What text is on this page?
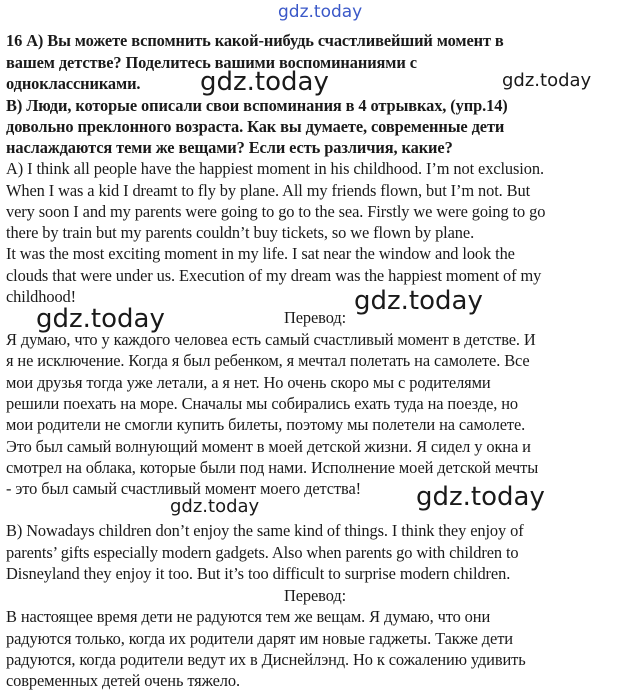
gdz.today
gdz.today	gdz.today
gdz.today
gdz.today
gdz.today
gdz.today
16 А) Вы можете вспомнить какой-нибудь счастливейший момент в
вашем детстве? Поделитесь вашими воспоминаниями с
одноклассниками.
В) Люди, которые описали свои вспоминания в 4 отрывках, (упр.14)
довольно преклонного возраста. Как вы думаете, современные дети
наслаждаются теми же вещами? Если есть различия, какие?
A) I think all people have the happiest moment in his childhood. I’m not exclusion.
When I was a kid I dreamt to fly by plane. All my friends flown, but I’m not. But
very soon I and my parents were going to go to the sea. Firstly we were going to go
there by train but my parents couldn’t buy tickets, so we flown by plane.
It was the most exciting moment in my life. I sat near the window and look the
clouds that were under us. Execution of my dream was the happiest moment of my
childhood!
Перевод:
Я думаю, что у каждого человеа есть самый счастливый момент в детстве. И
я не исключение. Когда я был ребенком, я мечтал полетать на самолете. Все
мои друзья тогда уже летали, а я нет. Но очень скоро мы с родителями
решили поехать на море. Сначалы мы собирались ехать туда на поезде, но
мои родители не смогли купить билеты, поэтому мы полетели на самолете.
Это был самый волнующий момент в моей детской жизни. Я сидел у окна и
смотрел на облака, которые были под нами. Исполнение моей детской мечты
- это был самый счастливый момент моего детства!
B) Nowadays children don’t enjoy the same kind of things. I think they enjoy of
parents’ gifts especially modern gadgets. Also when parents go with children to
Disneyland they enjoy it too. But it’s too difficult to surprise modern children.
Перевод:
В настоящее время дети не радуются тем же вещам. Я думаю, что они
радуются только, когда их родители дарят им новые гаджеты. Также дети
радуются, когда родители ведут их в Диснейлэнд. Но к сожалению удивить
современных детей очень тяжело.
